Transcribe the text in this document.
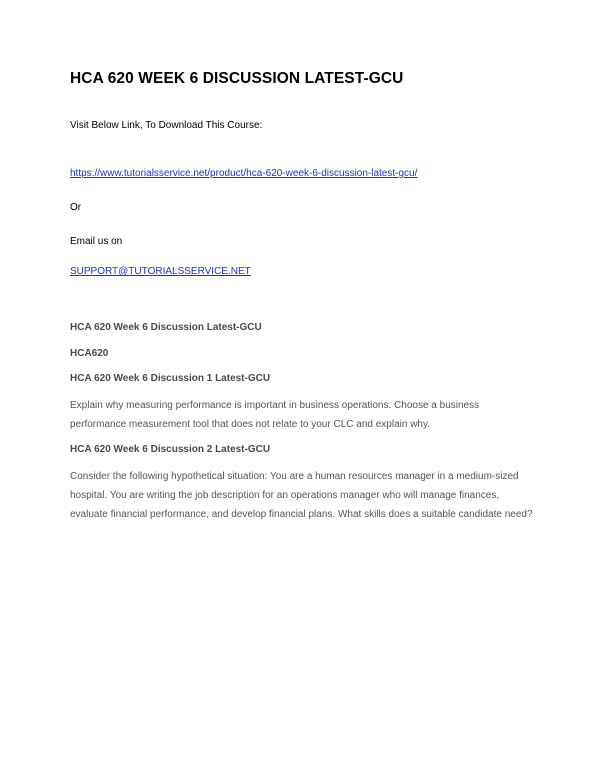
HCA 620 WEEK 6 DISCUSSION LATEST-GCU
Visit Below Link, To Download This Course:
https://www.tutorialsservice.net/product/hca-620-week-6-discussion-latest-gcu/
Or
Email us on
SUPPORT@TUTORIALSSERVICE.NET
HCA 620 Week 6 Discussion Latest-GCU
HCA620
HCA 620 Week 6 Discussion 1 Latest-GCU
Explain why measuring performance is important in business operations. Choose a business
performance measurement tool that does not relate to your CLC and explain why.
HCA 620 Week 6 Discussion 2 Latest-GCU
Consider the following hypothetical situation: You are a human resources manager in a medium-sized
hospital. You are writing the job description for an operations manager who will manage finances,
evaluate financial performance, and develop financial plans. What skills does a suitable candidate need?
